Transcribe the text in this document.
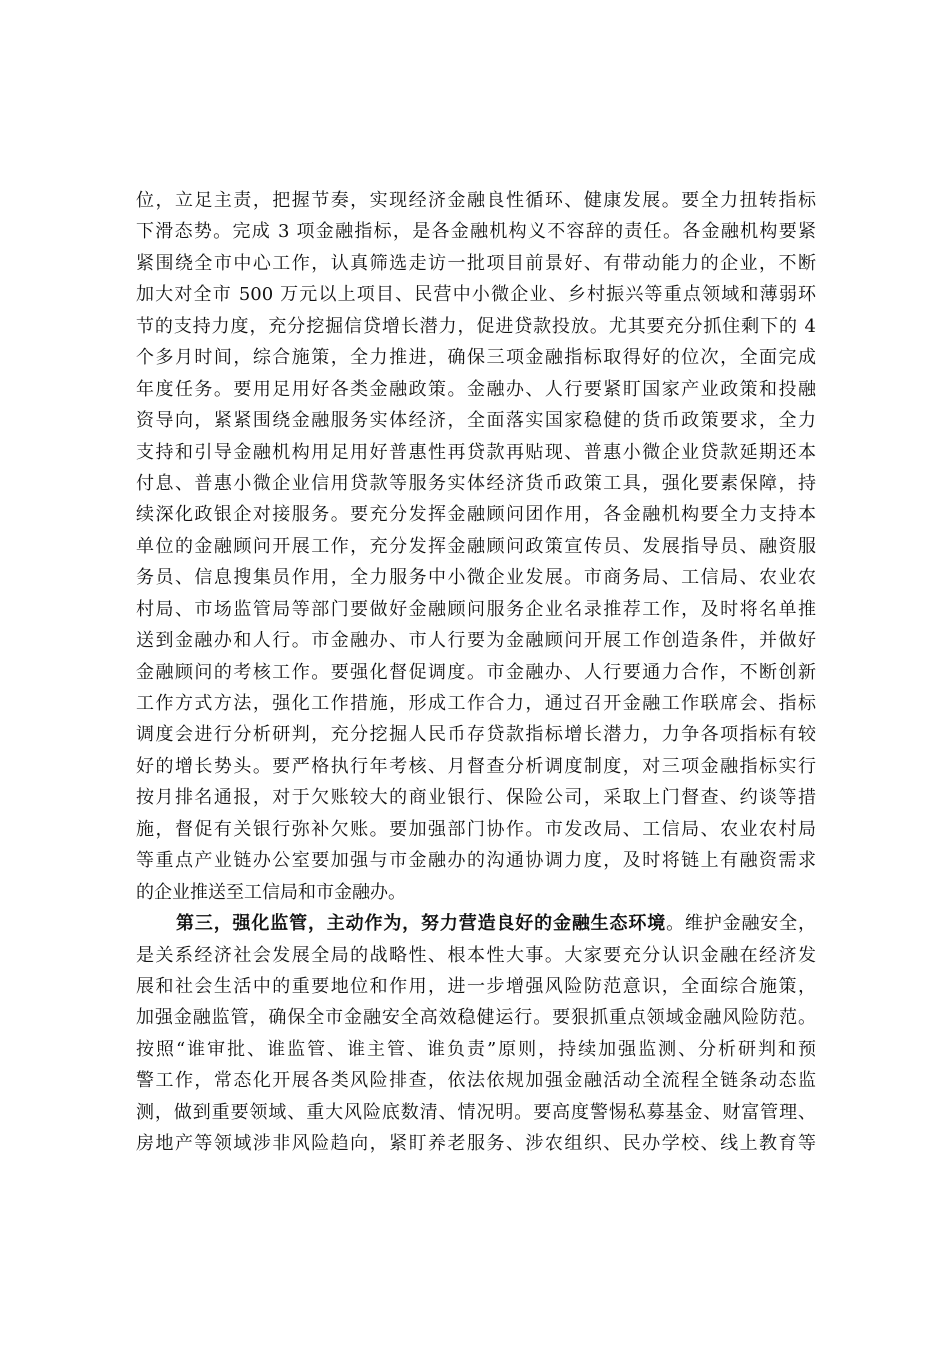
位，立足主责，把握节奏，实现经济金融良性循环、健康发展。要全力扭转指标
下滑态势。完成 3 项金融指标，是各金融机构义不容辞的责任。各金融机构要紧
紧围绕全市中心工作，认真筛选走访一批项目前景好、有带动能力的企业，不断
加大对全市 500 万元以上项目、民营中小微企业、乡村振兴等重点领域和薄弱环
节的支持力度，充分挖掘信贷增长潜力，促进贷款投放。尤其要充分抓住剩下的 4
个多月时间，综合施策，全力推进，确保三项金融指标取得好的位次，全面完成
年度任务。要用足用好各类金融政策。金融办、人行要紧盯国家产业政策和投融
资导向，紧紧围绕金融服务实体经济，全面落实国家稳健的货币政策要求，全力
支持和引导金融机构用足用好普惠性再贷款再贴现、普惠小微企业贷款延期还本
付息、普惠小微企业信用贷款等服务实体经济货币政策工具，强化要素保障，持
续深化政银企对接服务。要充分发挥金融顾问团作用，各金融机构要全力支持本
单位的金融顾问开展工作，充分发挥金融顾问政策宣传员、发展指导员、融资服
务员、信息搜集员作用，全力服务中小微企业发展。市商务局、工信局、农业农
村局、市场监管局等部门要做好金融顾问服务企业名录推荐工作，及时将名单推
送到金融办和人行。市金融办、市人行要为金融顾问开展工作创造条件，并做好
金融顾问的考核工作。要强化督促调度。市金融办、人行要通力合作，不断创新
工作方式方法，强化工作措施，形成工作合力，通过召开金融工作联席会、指标
调度会进行分析研判，充分挖掘人民币存贷款指标增长潜力，力争各项指标有较
好的增长势头。要严格执行年考核、月督查分析调度制度，对三项金融指标实行
按月排名通报，对于欠账较大的商业银行、保险公司，采取上门督查、约谈等措
施，督促有关银行弥补欠账。要加强部门协作。市发改局、工信局、农业农村局
等重点产业链办公室要加强与市金融办的沟通协调力度，及时将链上有融资需求
的企业推送至工信局和市金融办。
第三，强化监管，主动作为，努力营造良好的金融生态环境。维护金融安全，
是关系经济社会发展全局的战略性、根本性大事。大家要充分认识金融在经济发
展和社会生活中的重要地位和作用，进一步增强风险防范意识，全面综合施策，
加强金融监管，确保全市金融安全高效稳健运行。要狠抓重点领域金融风险防范。
按照“谁审批、谁监管、谁主管、谁负责”原则，持续加强监测、分析研判和预
警工作，常态化开展各类风险排查，依法依规加强金融活动全流程全链条动态监
测，做到重要领域、重大风险底数清、情况明。要高度警惕私募基金、财富管理、
房地产等领域涉非风险趋向，紧盯养老服务、涉农组织、民办学校、线上教育等
